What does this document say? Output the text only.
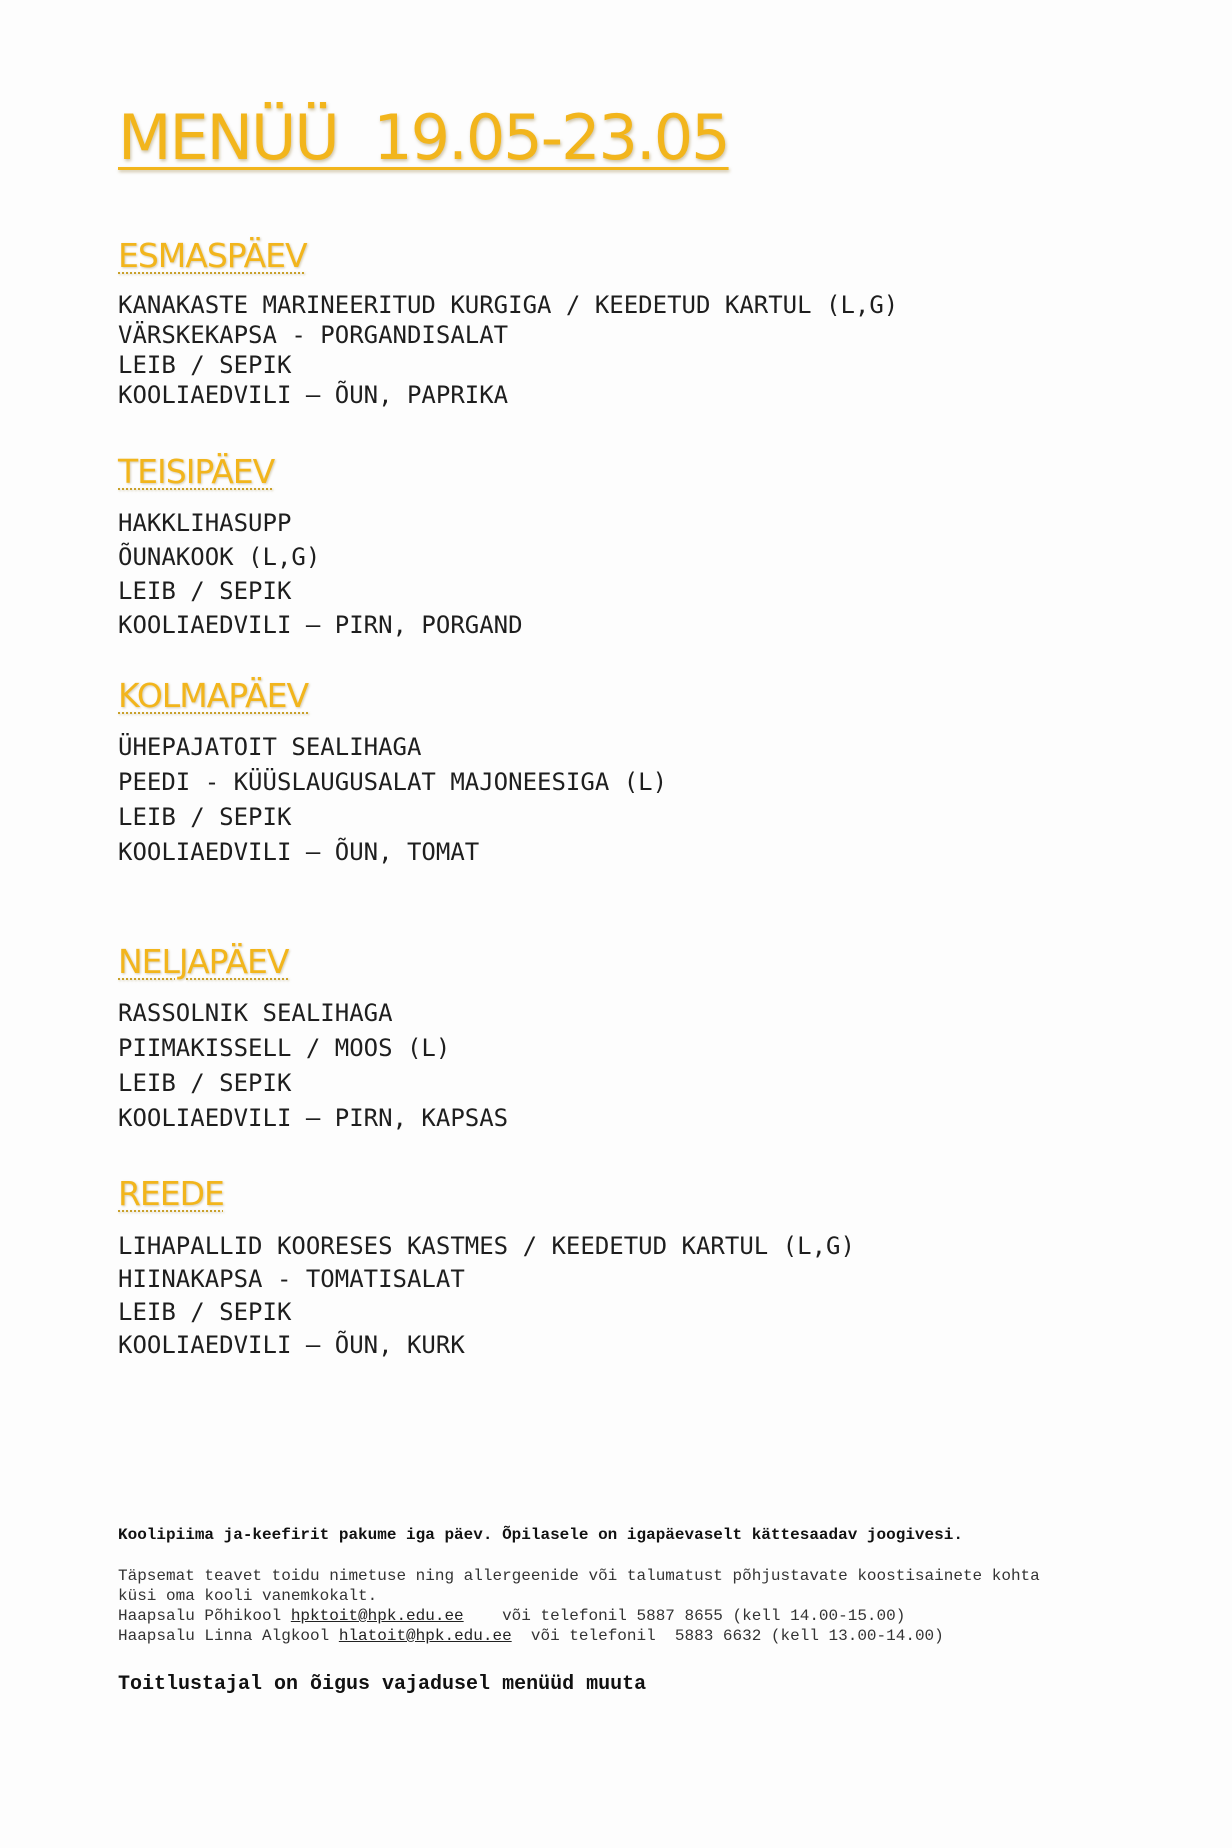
MENÜÜ  19.05-23.05
ESMASPÄEV
KANAKASTE MARINEERITUD KURGIGA / KEEDETUD KARTUL (L,G)
VÄRSKEKAPSA - PORGANDISALAT
LEIB / SEPIK
KOOLIAEDVILI – ÕUN, PAPRIKA
TEISIPÄEV
HAKKLIHASUPP
ÕUNAKOOK (L,G)
LEIB / SEPIK
KOOLIAEDVILI – PIRN, PORGAND
KOLMAPÄEV
ÜHEPAJATOIT SEALIHAGA
PEEDI - KÜÜSLAUGUSALAT MAJONEESIGA (L)
LEIB / SEPIK
KOOLIAEDVILI – ÕUN, TOMAT
NELJAPÄEV
RASSOLNIK SEALIHAGA
PIIMAKISSELL / MOOS (L)
LEIB / SEPIK
KOOLIAEDVILI – PIRN, KAPSAS
REEDE
LIHAPALLID KOORESES KASTMES / KEEDETUD KARTUL (L,G)
HIINAKAPSA - TOMATISALAT
LEIB / SEPIK
KOOLIAEDVILI – ÕUN, KURK
Koolipiima ja-keefirit pakume iga päev. Õpilasele on igapäevaselt kättesaadav joogivesi.
Täpsemat teavet toidu nimetuse ning allergeenide või talumatust põhjustavate koostisainete kohta
küsi oma kooli vanemkokalt.
Haapsalu Põhikool hpktoit@hpk.edu.ee    või telefonil 5887 8655 (kell 14.00-15.00)
Haapsalu Linna Algkool hlatoit@hpk.edu.ee  või telefonil  5883 6632 (kell 13.00-14.00)
Toitlustajal on õigus vajadusel menüüd muuta
